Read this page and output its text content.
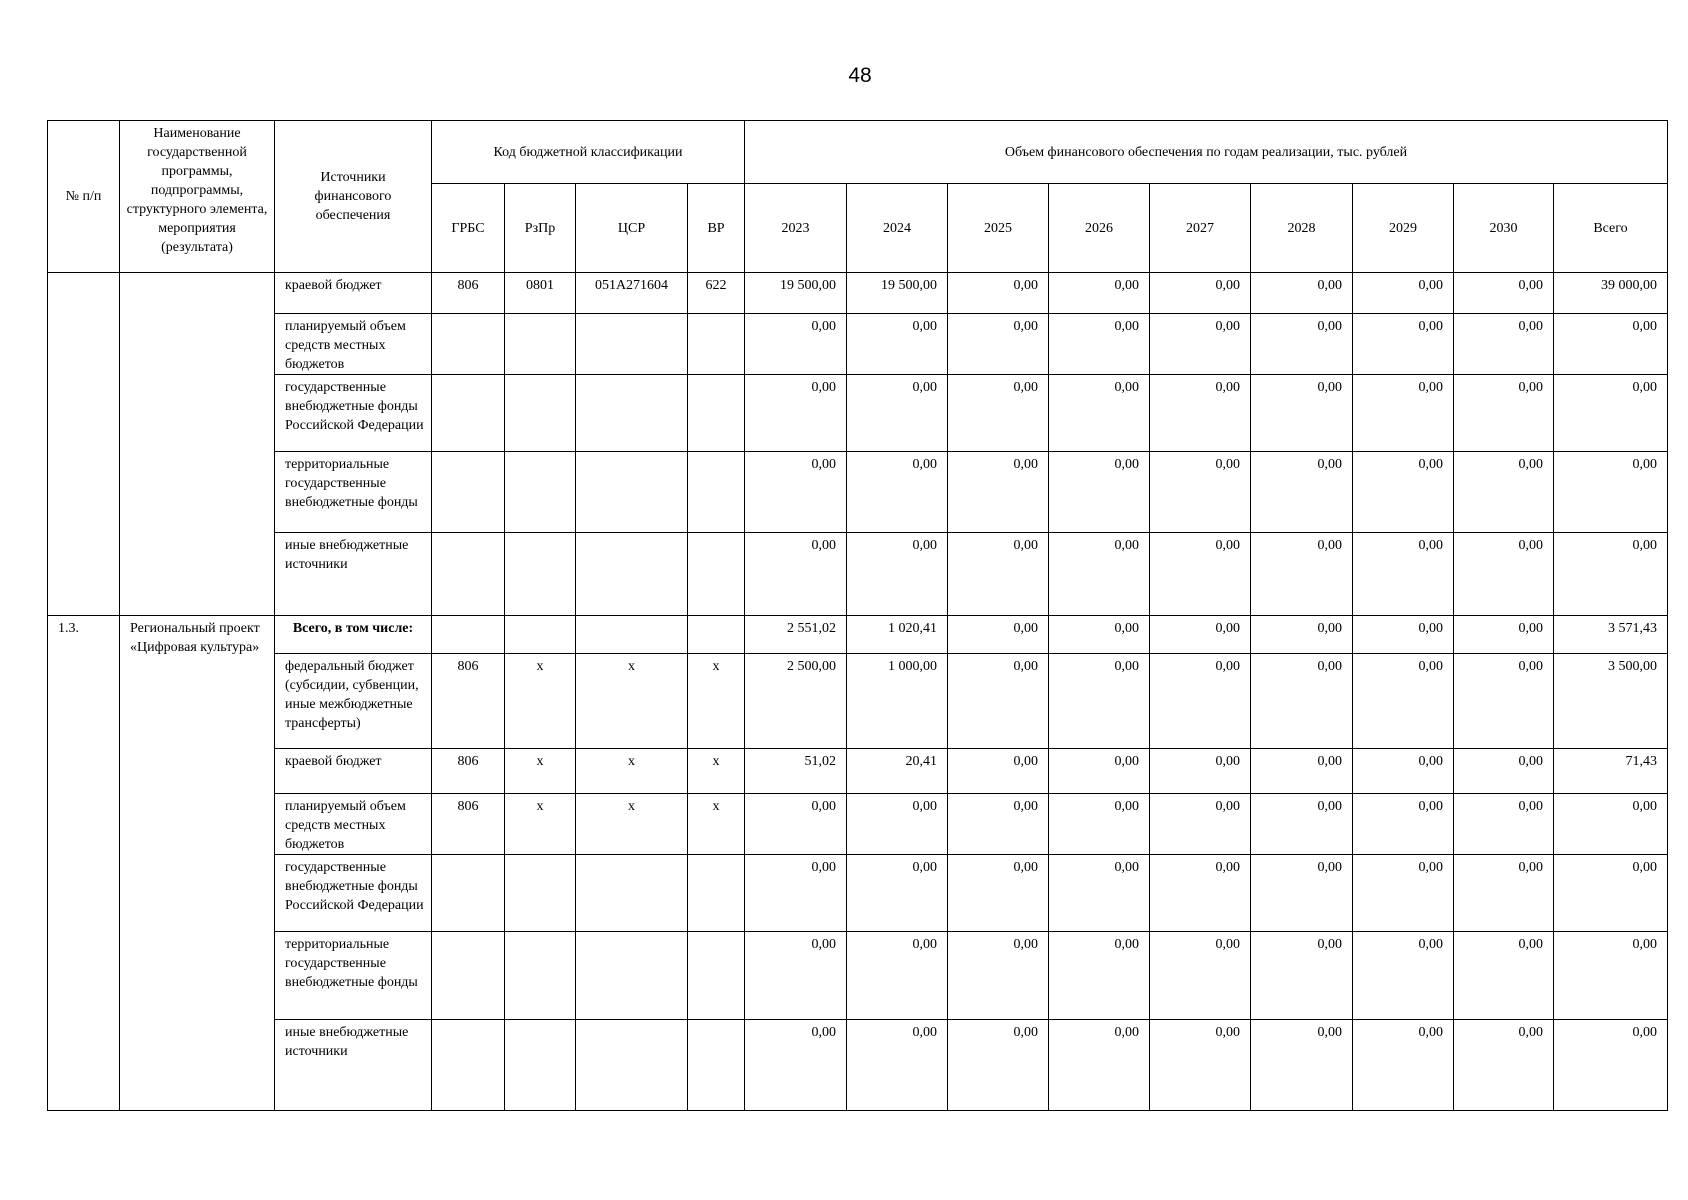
48
№ п/п	Наименование государственной программы, подпрограммы, структурного элемента, мероприятия (результата)	Источники финансового обеспечения	Код бюджетной классификации				Объем финансового обеспечения по годам реализации, тыс. рублей								
			ГРБС	РзПр	ЦСР	ВР	2023	2024	2025	2026	2027	2028	2029	2030	Всего
		краевой бюджет	806	0801	051А271604	622	19 500,00	19 500,00	0,00	0,00	0,00	0,00	0,00	0,00	39 000,00
		планируемый объем средств местных бюджетов					0,00	0,00	0,00	0,00	0,00	0,00	0,00	0,00	0,00
		государственные внебюджетные фонды Российской Федерации					0,00	0,00	0,00	0,00	0,00	0,00	0,00	0,00	0,00
		территориальные государственные внебюджетные фонды					0,00	0,00	0,00	0,00	0,00	0,00	0,00	0,00	0,00
		иные внебюджетные источники					0,00	0,00	0,00	0,00	0,00	0,00	0,00	0,00	0,00
1.3.	Региональный проект «Цифровая культура»	Всего, в том числе:					2 551,02	1 020,41	0,00	0,00	0,00	0,00	0,00	0,00	3 571,43
		федеральный бюджет (субсидии, субвенции, иные межбюджетные трансферты)	806	х	х	х	2 500,00	1 000,00	0,00	0,00	0,00	0,00	0,00	0,00	3 500,00
		краевой бюджет	806	х	х	х	51,02	20,41	0,00	0,00	0,00	0,00	0,00	0,00	71,43
		планируемый объем средств местных бюджетов	806	х	х	х	0,00	0,00	0,00	0,00	0,00	0,00	0,00	0,00	0,00
		государственные внебюджетные фонды Российской Федерации					0,00	0,00	0,00	0,00	0,00	0,00	0,00	0,00	0,00
		территориальные государственные внебюджетные фонды					0,00	0,00	0,00	0,00	0,00	0,00	0,00	0,00	0,00
		иные внебюджетные источники					0,00	0,00	0,00	0,00	0,00	0,00	0,00	0,00	0,00
